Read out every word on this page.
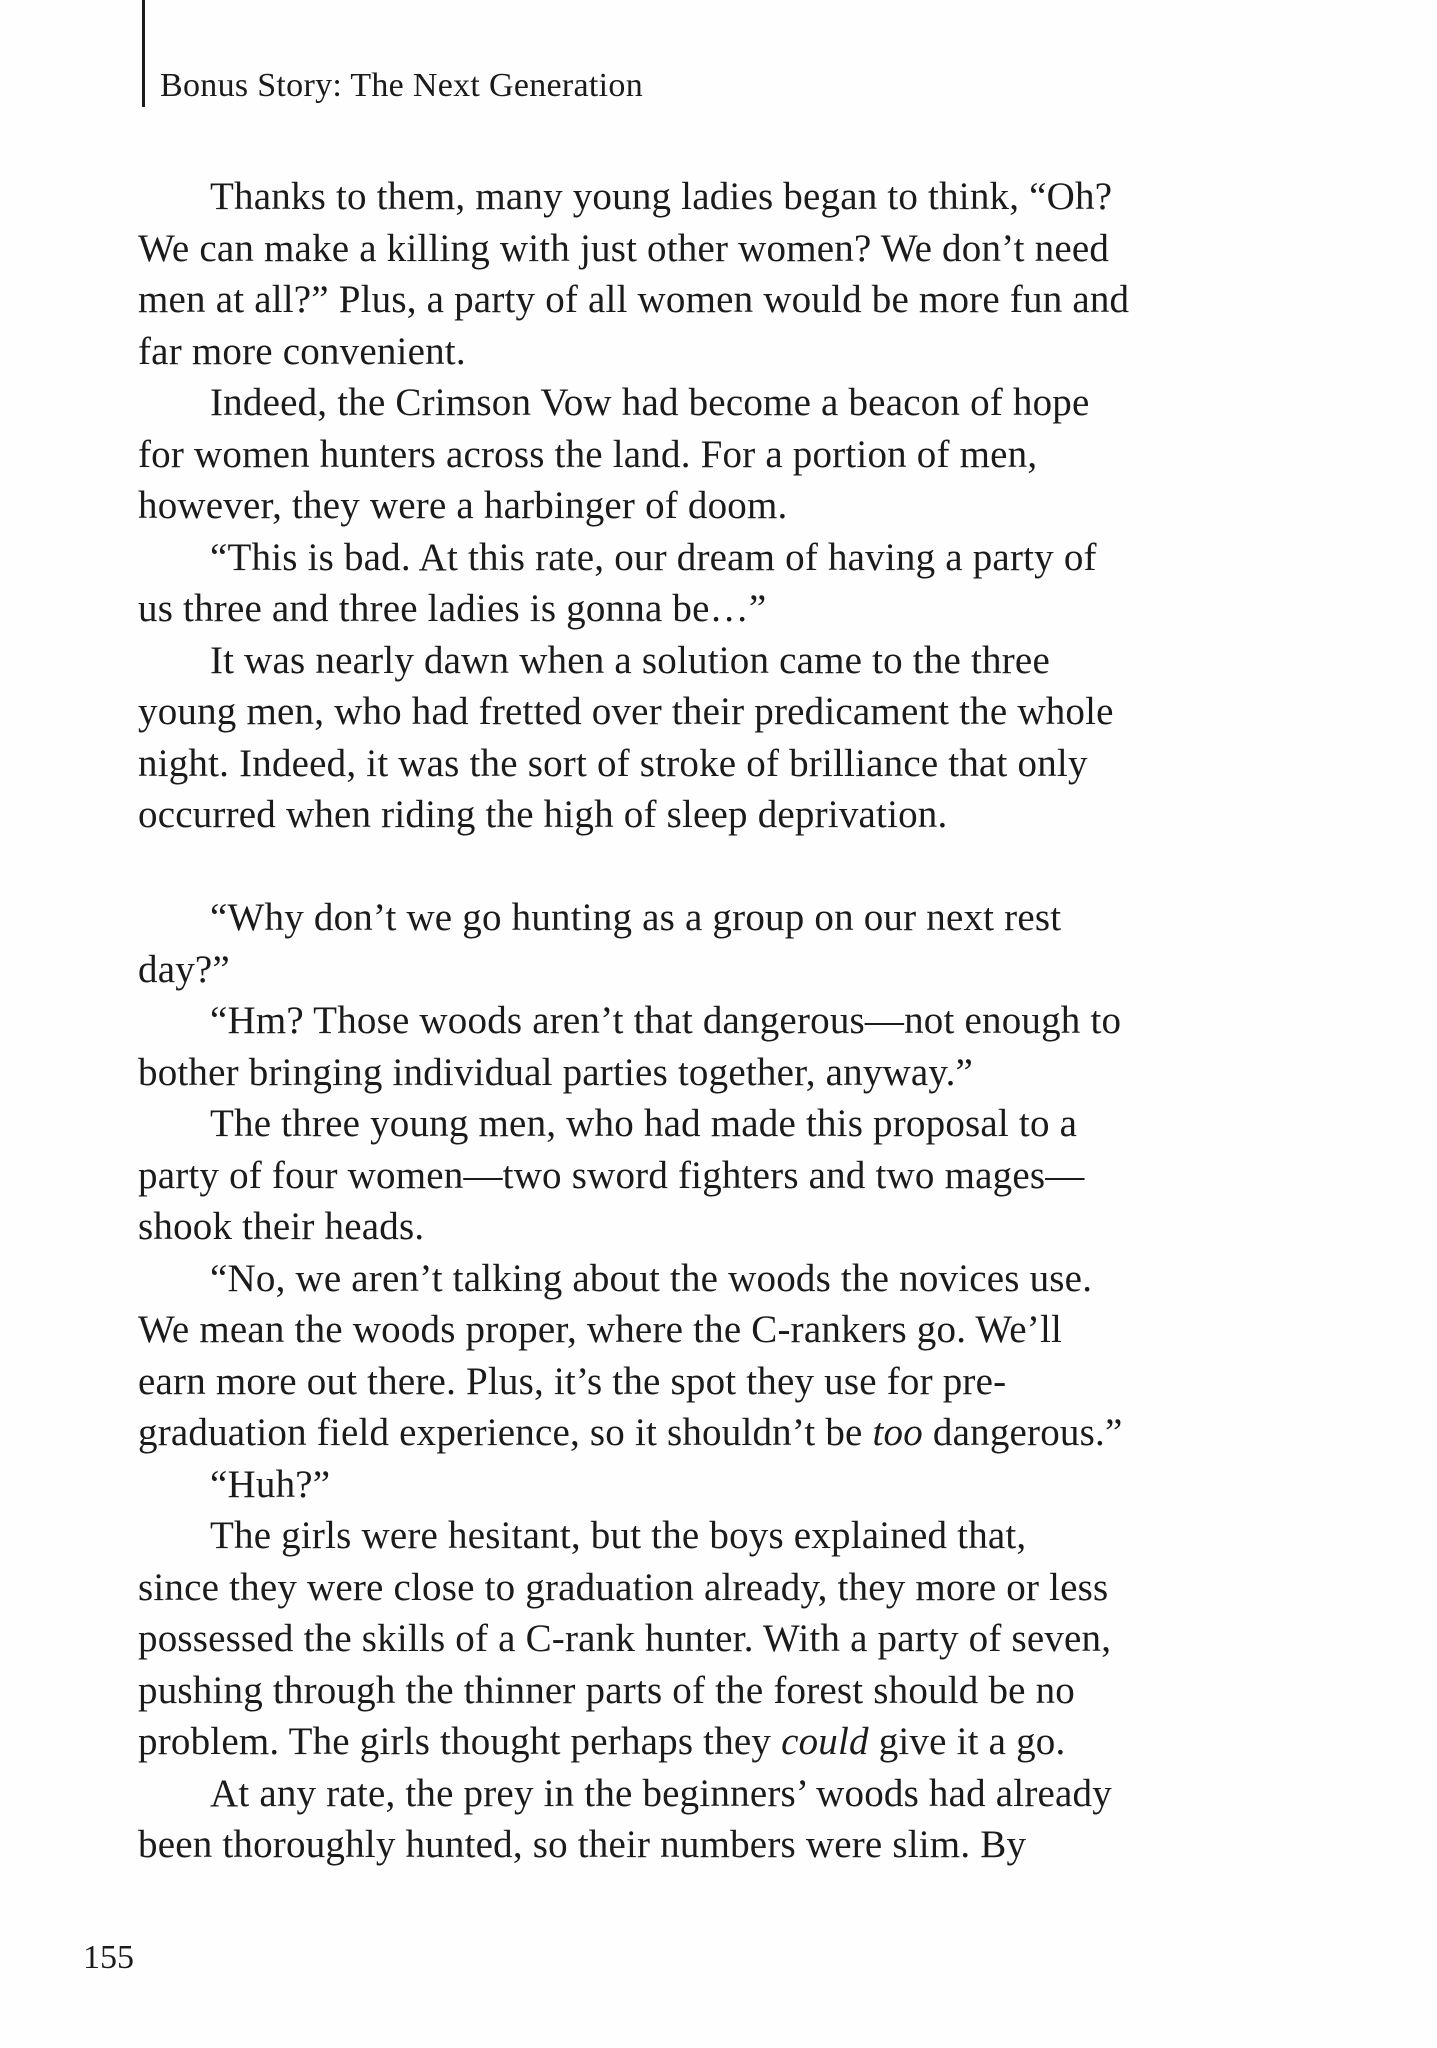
Bonus Story: The Next Generation
Thanks to them, many young ladies began to think, “Oh?
We can make a killing with just other women? We don’t need
men at all?” Plus, a party of all women would be more fun and
far more convenient.
Indeed, the Crimson Vow had become a beacon of hope
for women hunters across the land. For a portion of men,
however, they were a harbinger of doom.
“This is bad. At this rate, our dream of having a party of
us three and three ladies is gonna be…”
It was nearly dawn when a solution came to the three
young men, who had fretted over their predicament the whole
night. Indeed, it was the sort of stroke of brilliance that only
occurred when riding the high of sleep deprivation.
“Why don’t we go hunting as a group on our next rest
day?”
“Hm? Those woods aren’t that dangerous—not enough to
bother bringing individual parties together, anyway.”
The three young men, who had made this proposal to a
party of four women—two sword fighters and two mages—
shook their heads.
“No, we aren’t talking about the woods the novices use.
We mean the woods proper, where the C-rankers go. We’ll
earn more out there. Plus, it’s the spot they use for pre-
graduation field experience, so it shouldn’t be too dangerous.”
“Huh?”
The girls were hesitant, but the boys explained that,
since they were close to graduation already, they more or less
possessed the skills of a C-rank hunter. With a party of seven,
pushing through the thinner parts of the forest should be no
problem. The girls thought perhaps they could give it a go.
At any rate, the prey in the beginners’ woods had already
been thoroughly hunted, so their numbers were slim. By
155
